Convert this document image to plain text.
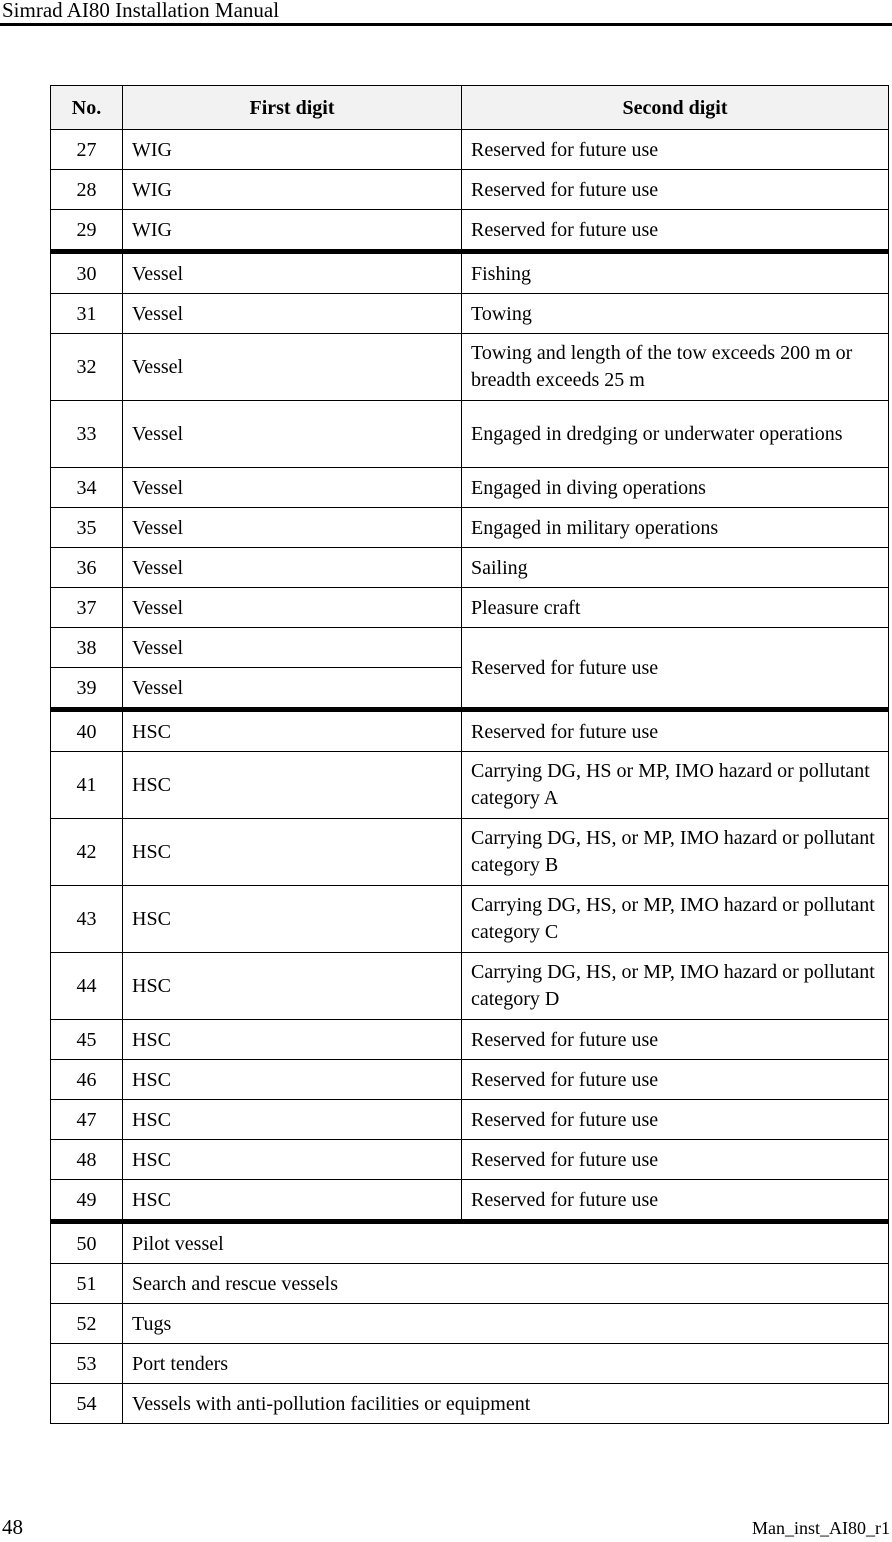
Simrad AI80 Installation Manual
No.	First digit	Second digit
27	WIG	Reserved for future use
28	WIG	Reserved for future use
29	WIG	Reserved for future use
30	Vessel	Fishing
31	Vessel	Towing
32	Vessel	Towing and length of the tow exceeds 200 m or breadth exceeds 25 m
33	Vessel	Engaged in dredging or underwater operations
34	Vessel	Engaged in diving operations
35	Vessel	Engaged in military operations
36	Vessel	Sailing
37	Vessel	Pleasure craft
38	Vessel	Reserved for future use
39	Vessel	
40	HSC	Reserved for future use
41	HSC	Carrying DG, HS or MP, IMO hazard or pollutant category A
42	HSC	Carrying DG, HS, or MP, IMO hazard or pollutant category B
43	HSC	Carrying DG, HS, or MP, IMO hazard or pollutant category C
44	HSC	Carrying DG, HS, or MP, IMO hazard or pollutant category D
45	HSC	Reserved for future use
46	HSC	Reserved for future use
47	HSC	Reserved for future use
48	HSC	Reserved for future use
49	HSC	Reserved for future use
50	Pilot vessel	
51	Search and rescue vessels	
52	Tugs	
53	Port tenders	
54	Vessels with anti-pollution facilities or equipment	
48	Man_inst_AI80_r1
